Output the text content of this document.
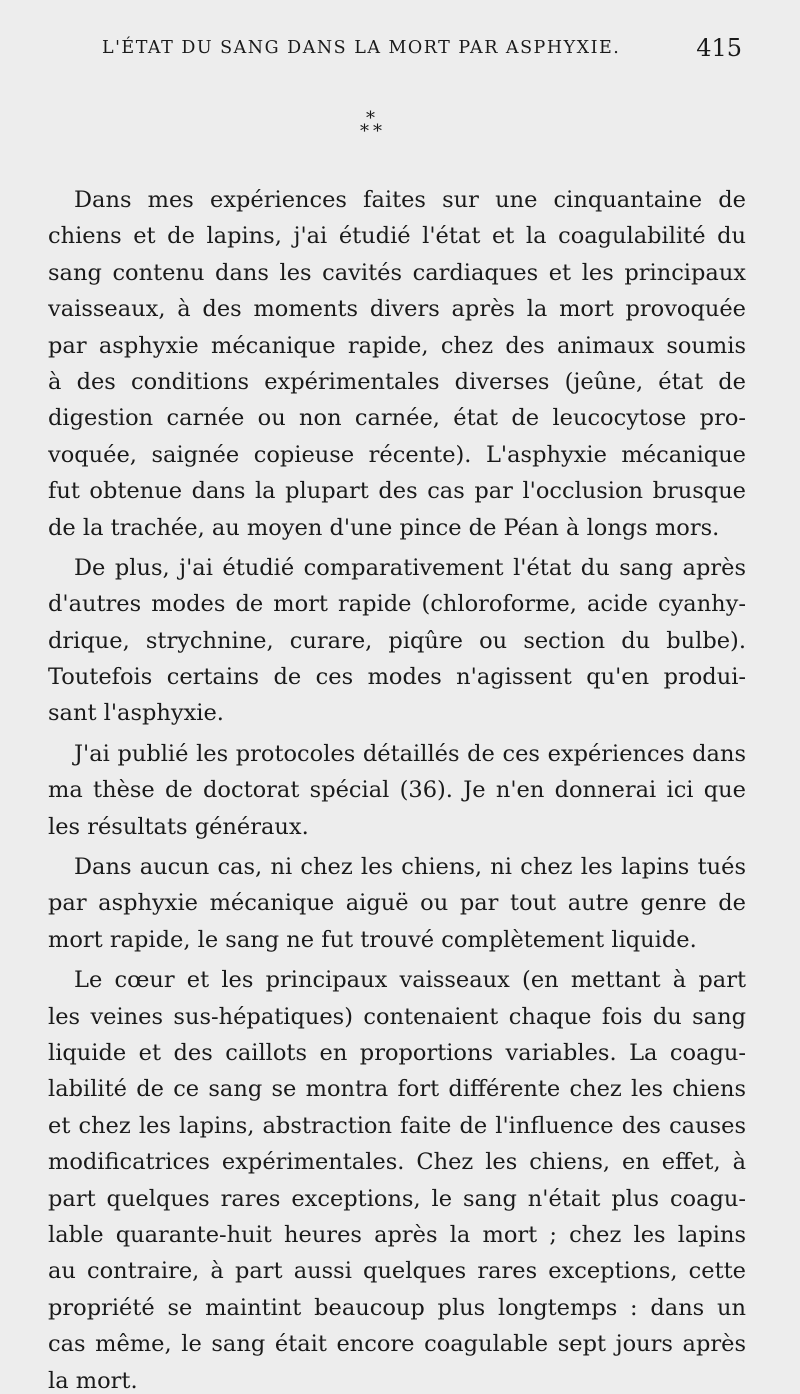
L'ÉTAT DU SANG DANS LA MORT PAR ASPHYXIE.	415
*
* *
Dans mes expériences faites sur une cinquantaine de
chiens et de lapins, j'ai étudié l'état et la coagulabilité du
sang contenu dans les cavités cardiaques et les principaux
vaisseaux, à des moments divers après la mort provoquée
par asphyxie mécanique rapide, chez des animaux soumis
à des conditions expérimentales diverses (jeûne, état de
digestion carnée ou non carnée, état de leucocytose pro-
voquée, saignée copieuse récente). L'asphyxie mécanique
fut obtenue dans la plupart des cas par l'occlusion brusque
de la trachée, au moyen d'une pince de Péan à longs mors.
De plus, j'ai étudié comparativement l'état du sang après
d'autres modes de mort rapide (chloroforme, acide cyanhy-
drique, strychnine, curare, piqûre ou section du bulbe).
Toutefois certains de ces modes n'agissent qu'en produi-
sant l'asphyxie.
J'ai publié les protocoles détaillés de ces expériences dans
ma thèse de doctorat spécial (36). Je n'en donnerai ici que
les résultats généraux.
Dans aucun cas, ni chez les chiens, ni chez les lapins tués
par asphyxie mécanique aiguë ou par tout autre genre de
mort rapide, le sang ne fut trouvé complètement liquide.
Le cœur et les principaux vaisseaux (en mettant à part
les veines sus-hépatiques) contenaient chaque fois du sang
liquide et des caillots en proportions variables. La coagu-
labilité de ce sang se montra fort différente chez les chiens
et chez les lapins, abstraction faite de l'influence des causes
modificatrices expérimentales. Chez les chiens, en effet, à
part quelques rares exceptions, le sang n'était plus coagu-
lable quarante-huit heures après la mort ; chez les lapins
au contraire, à part aussi quelques rares exceptions, cette
propriété se maintint beaucoup plus longtemps : dans un
cas même, le sang était encore coagulable sept jours après
la mort.
